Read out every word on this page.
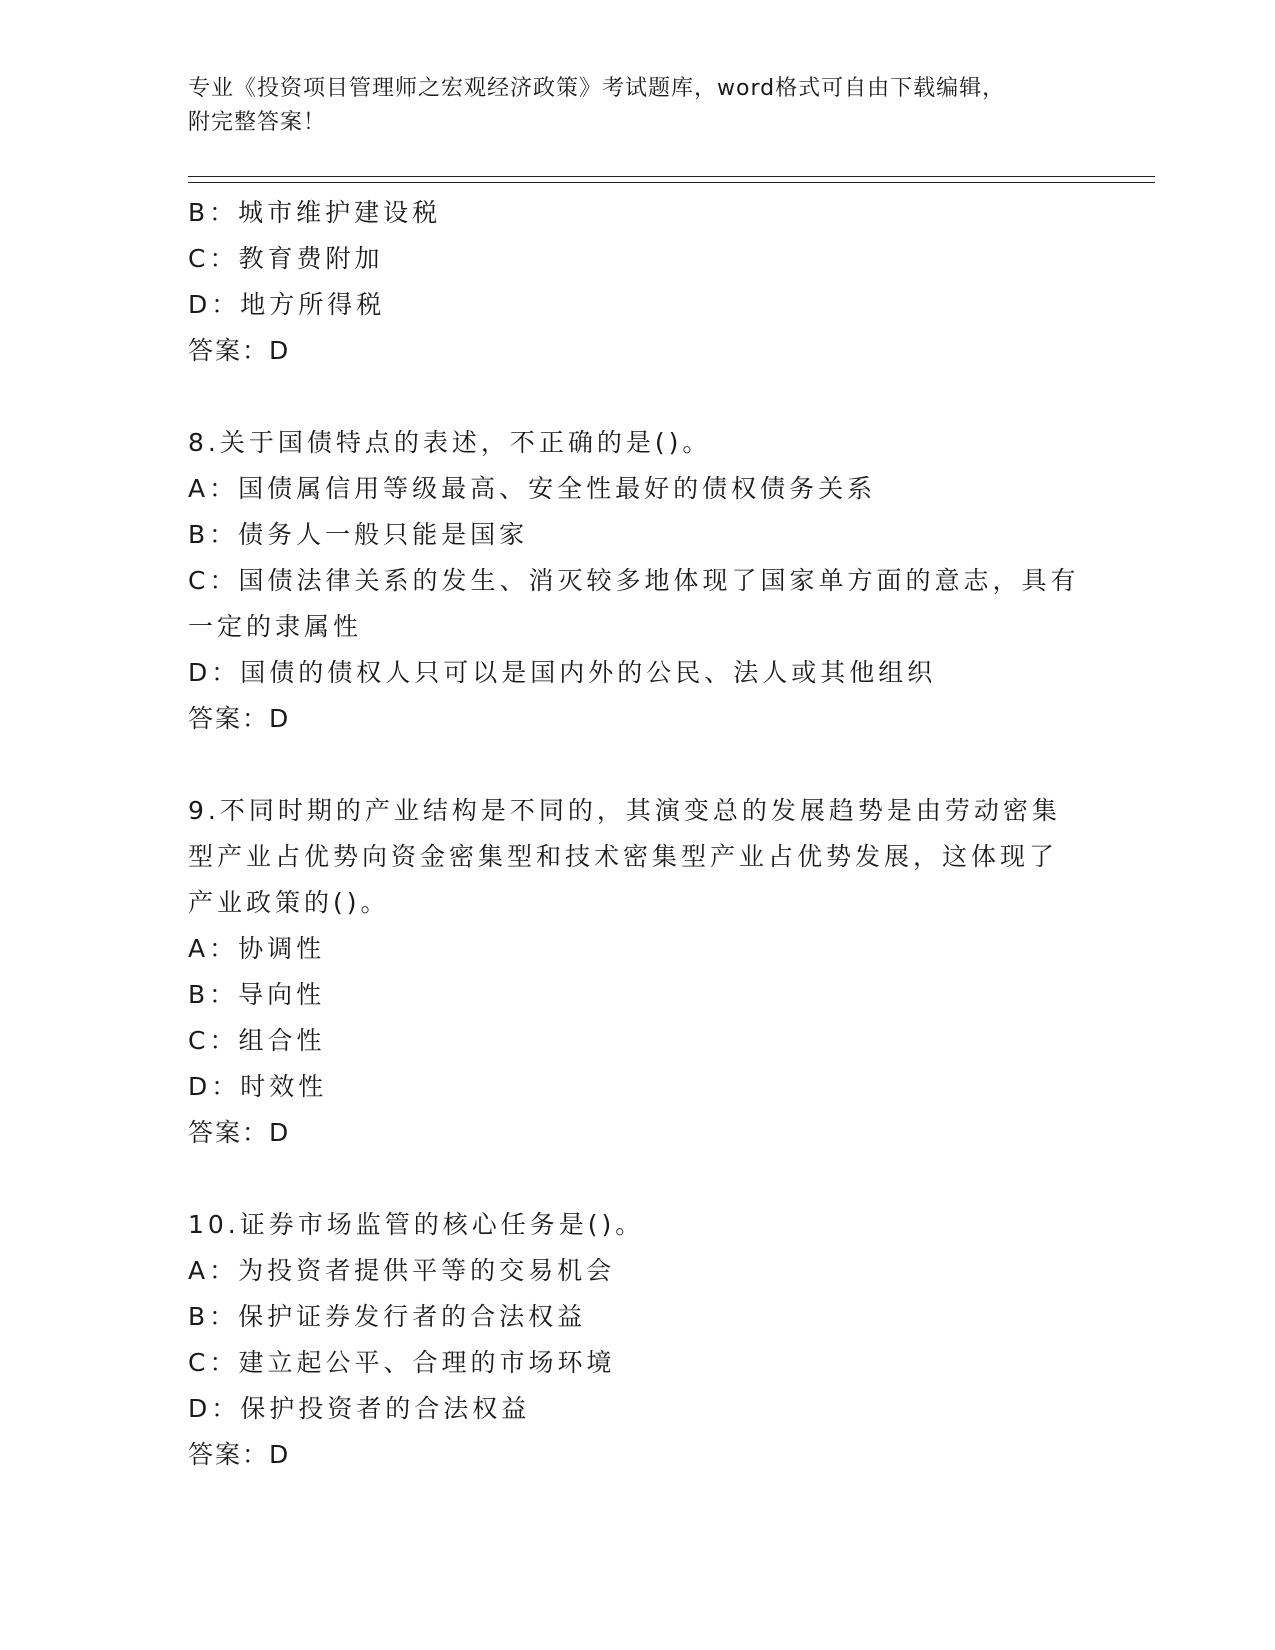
专业《投资项目管理师之宏观经济政策》考试题库，word格式可自由下载编辑，
附完整答案！
B：城市维护建设税
C：教育费附加
D：地方所得税
答案：D
8.关于国债特点的表述，不正确的是()。
A：国债属信用等级最高、安全性最好的债权债务关系
B：债务人一般只能是国家
C：国债法律关系的发生、消灭较多地体现了国家单方面的意志，具有
一定的隶属性
D：国债的债权人只可以是国内外的公民、法人或其他组织
答案：D
9.不同时期的产业结构是不同的，其演变总的发展趋势是由劳动密集
型产业占优势向资金密集型和技术密集型产业占优势发展，这体现了
产业政策的()。
A：协调性
B：导向性
C：组合性
D：时效性
答案：D
10.证券市场监管的核心任务是()。
A：为投资者提供平等的交易机会
B：保护证券发行者的合法权益
C：建立起公平、合理的市场环境
D：保护投资者的合法权益
答案：D
